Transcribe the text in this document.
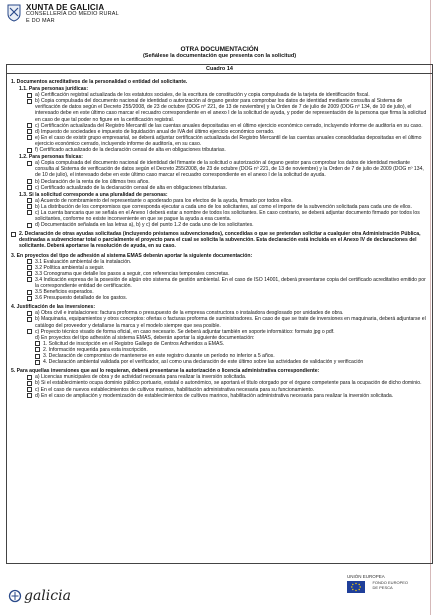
XUNTA DE GALICIA
CONSELLERÍA DO MEDIO RURAL
E DO MAR
OTRA DOCUMENTACIÓN
(Señálese la documentación que presenta con la solicitud)
Cuadro 14
1. Documentos acreditativos de la personalidad o entidad del solicitante.
1.1. Para personas jurídicas:
a) Certificación registral actualizada de los estatutos sociales, de la escritura de constitución y copia compulsada de la tarjeta de identificación fiscal.
b) Copia compulsada del documento nacional de identidad o autorización al órgano gestor para comprobar los datos de identidad mediante consulta al Sistema de verificación de datos según el Decreto 255/2008, de 23 de octubre (DOG nº 221, de 13 de noviembre) y la Orden de 7 de julio de 2009 (DOG nº 134, de 10 de julio), el interesado debe en este último caso marcar el recuadro correspondiente en el anexo I de la solicitud de ayuda, y poder de representación de la persona que firma la solicitud en caso de que tal poder no figure en la certificación registral.
c) Certificación actualizada del Registro Mercantil de las cuentas anuales depositadas en el último ejercicio económico cerrado, incluyendo informe de auditoría en su caso.
d) Impuesto de sociedades e impuesto de liquidación anual de IVA del último ejercicio económico cerrado.
e) En el caso de existir grupo empresarial, se deberá adjuntar certificación actualizada del Registro Mercantil de las cuentas anuales consolidadas depositadas en el último ejercicio económico cerrado, incluyendo informe de auditoría, en su caso.
f) Certificado actualizado de la declaración censal de alta en obligaciones tributarias.
1.2. Para personas físicas:
a) Copia compulsada del documento nacional de identidad del firmante de la solicitud o autorización al órgano gestor para comprobar los datos de identidad mediante consulta al Sistema de verificación de datos según el Decreto 255/2008, de 23 de octubre (DOG nº 221, de 13 de noviembre) y la Orden de 7 de julio de 2009 (DOG nº 134, de 10 de julio), el interesado debe en este último caso marcar el recuadro correspondiente en el anexo I de la solicitud de ayuda.
b) Declaración de la renta de los últimos tres años.
c) Certificado actualizado de la declaración censal de alta en obligaciones tributarias.
1.3. Si la solicitud corresponde a una pluralidad de personas:
a) Acuerdo de nombramiento del representante o apoderado para los efectos de la ayuda, firmado por todos ellos.
b) La distribución de los compromisos que corresponda ejecutar a cada uno de los solicitantes, así como el importe de la subvención solicitada para cada uno de ellos.
c) La cuenta bancaria que se señala en el Anexo I deberá estar a nombre de todos los solicitantes. En caso contrario, se deberá adjuntar documento firmado por todos los solicitantes, conforme no existe inconveniente en que se pague la ayuda a esa cuenta.
d) Documentación señalada en las letras a), b) y c) del punto 1.2 de cada uno de los solicitantes.
2. Declaración de otras ayudas solicitadas (incluyendo préstamos subvencionados), concedidas o que se pretendan solicitar a cualquier otra Administración Pública, destinadas a subvencionar total o parcialmente el proyecto para el cual se solicita la subvención. Esta declaración está incluida en el Anexo IV de declaraciones del solicitante. Deberá aportarse la resolución de ayuda, en su caso.
3. En proyectos del tipo de adhesión al sistema EMAS deberán aportar la siguiente documentación:
3.1 Evaluación ambiental de la instalación.
3.2 Política ambiental a seguir.
3.3 Cronograma que detalle los pasos a seguir, con referencias temporales concretas.
3.4 Indicación expresa de la posesión de algún otro sistema de gestión ambiental. En el caso de ISO 14001, deberá presentarse copia del certificado acreditativo emitido por la correspondiente entidad de certificación.
3.5 Beneficios esperados.
3.6 Presupuesto detallado de los gastos.
4. Justificación de las inversiones:
a) Obra civil e instalaciones: factura proforma o presupuesto de la empresa constructora o instaladora desglosado por unidades de obra.
b) Maquinaria, equipamientos y otros conceptos: ofertas o facturas proforma de suministradores. En caso de que se trate de inversiones en maquinaria, deberá adjuntarse el catálogo del proveedor y detallarse la marca y el modelo siempre que sea posible.
c) Proyecto técnico visado de forma oficial, en caso necesario. Se deberá adjuntar también en soporte informático: formato jpg o pdf.
d) En proyectos del tipo adhesión al sistema EMAS, deberán aportar la siguiente documentación:
1. Solicitud de inscripción en el Registro Gallego de Centros Adheridos a EMAS.
2. Información requerida para esta inscripción.
3. Declaración de compromiso de mantenerse en este registro durante un período no inferior a 5 años.
4. Declaración ambiental validada por el verificador, así como una declaración de este último sobre las actividades de validación y verificación
5. Para aquellas inversiones que así lo requieran, deberá presentarse la autorización o licencia administrativa correspondiente:
a) Licencias municipales de obra y de actividad necesaria para realizar la inversión solicitada.
b) Si el establecimiento ocupa dominio público portuario, estatal o autonómico, se aportará el título otorgado por el órgano competente para la ocupación de dicho dominio.
c) En el caso de nuevos establecimientos de cultivos marinos, habilitación administrativa necesaria para su funcionamiento.
d) En el caso de ampliación y modernización de establecimientos de cultivos marinos, habilitación administrativa necesaria para realizar la inversión solicitada.
galicia
UNIÓN EUROPEA
FONDO EUROPEO
DE PESCA
